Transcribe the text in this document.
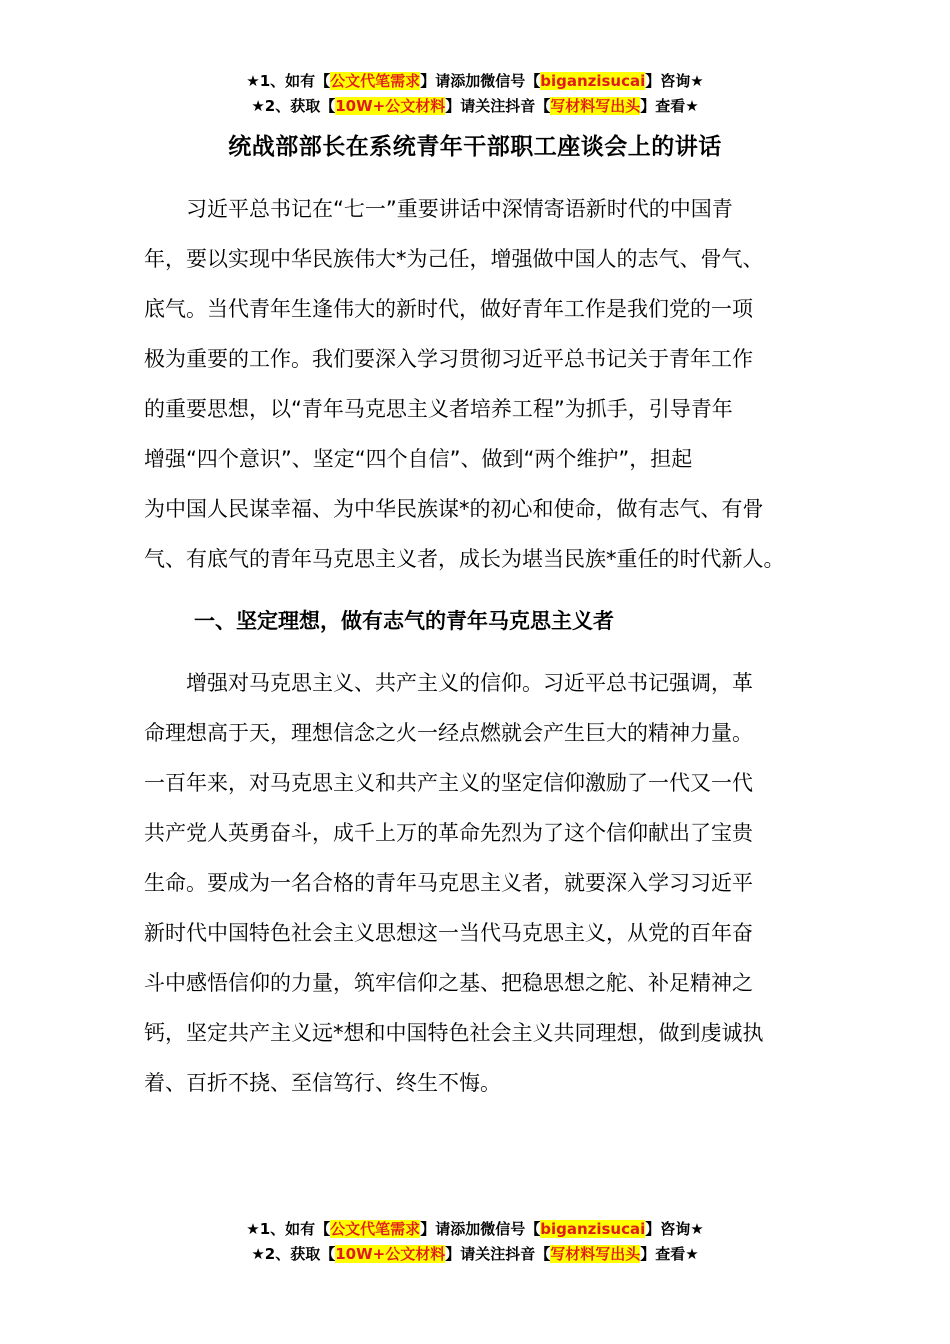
★1、如有【公文代笔需求】请添加微信号【biganzisucai】咨询★
★2、获取【10W+公文材料】请关注抖音【写材料写出头】查看★
统战部部长在系统青年干部职工座谈会上的讲话
　　习近平总书记在“七一”重要讲话中深情寄语新时代的中国青
年，要以实现中华民族伟大*为己任，增强做中国人的志气、骨气、
底气。当代青年生逢伟大的新时代，做好青年工作是我们党的一项
极为重要的工作。我们要深入学习贯彻习近平总书记关于青年工作
的重要思想，以“青年马克思主义者培养工程”为抓手，引导青年
增强“四个意识”、坚定“四个自信”、做到“两个维护”，担起
为中国人民谋幸福、为中华民族谋*的初心和使命，做有志气、有骨
气、有底气的青年马克思主义者，成长为堪当民族*重任的时代新人。
一、坚定理想，做有志气的青年马克思主义者
　　增强对马克思主义、共产主义的信仰。习近平总书记强调，革
命理想高于天，理想信念之火一经点燃就会产生巨大的精神力量。
一百年来，对马克思主义和共产主义的坚定信仰激励了一代又一代
共产党人英勇奋斗，成千上万的革命先烈为了这个信仰献出了宝贵
生命。要成为一名合格的青年马克思主义者，就要深入学习习近平
新时代中国特色社会主义思想这一当代马克思主义，从党的百年奋
斗中感悟信仰的力量，筑牢信仰之基、把稳思想之舵、补足精神之
钙，坚定共产主义远*想和中国特色社会主义共同理想，做到虔诚执
着、百折不挠、至信笃行、终生不悔。
★1、如有【公文代笔需求】请添加微信号【biganzisucai】咨询★
★2、获取【10W+公文材料】请关注抖音【写材料写出头】查看★
